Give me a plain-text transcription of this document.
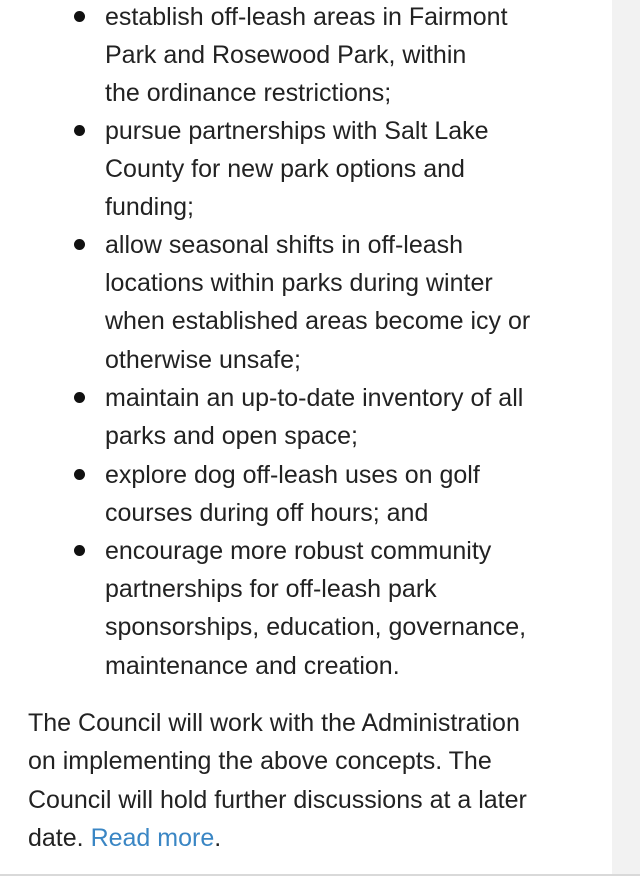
establish off-leash areas in Fairmont
Park and Rosewood Park, within
the ordinance restrictions;
pursue partnerships with Salt Lake
County for new park options and
funding;
allow seasonal shifts in off-leash
locations within parks during winter
when established areas become icy or
otherwise unsafe;
maintain an up-to-date inventory of all
parks and open space;
explore dog off-leash uses on golf
courses during off hours; and
encourage more robust community
partnerships for off-leash park
sponsorships, education, governance,
maintenance and creation.
The Council will work with the Administration
on implementing the above concepts. The
Council will hold further discussions at a later
date. Read more.
